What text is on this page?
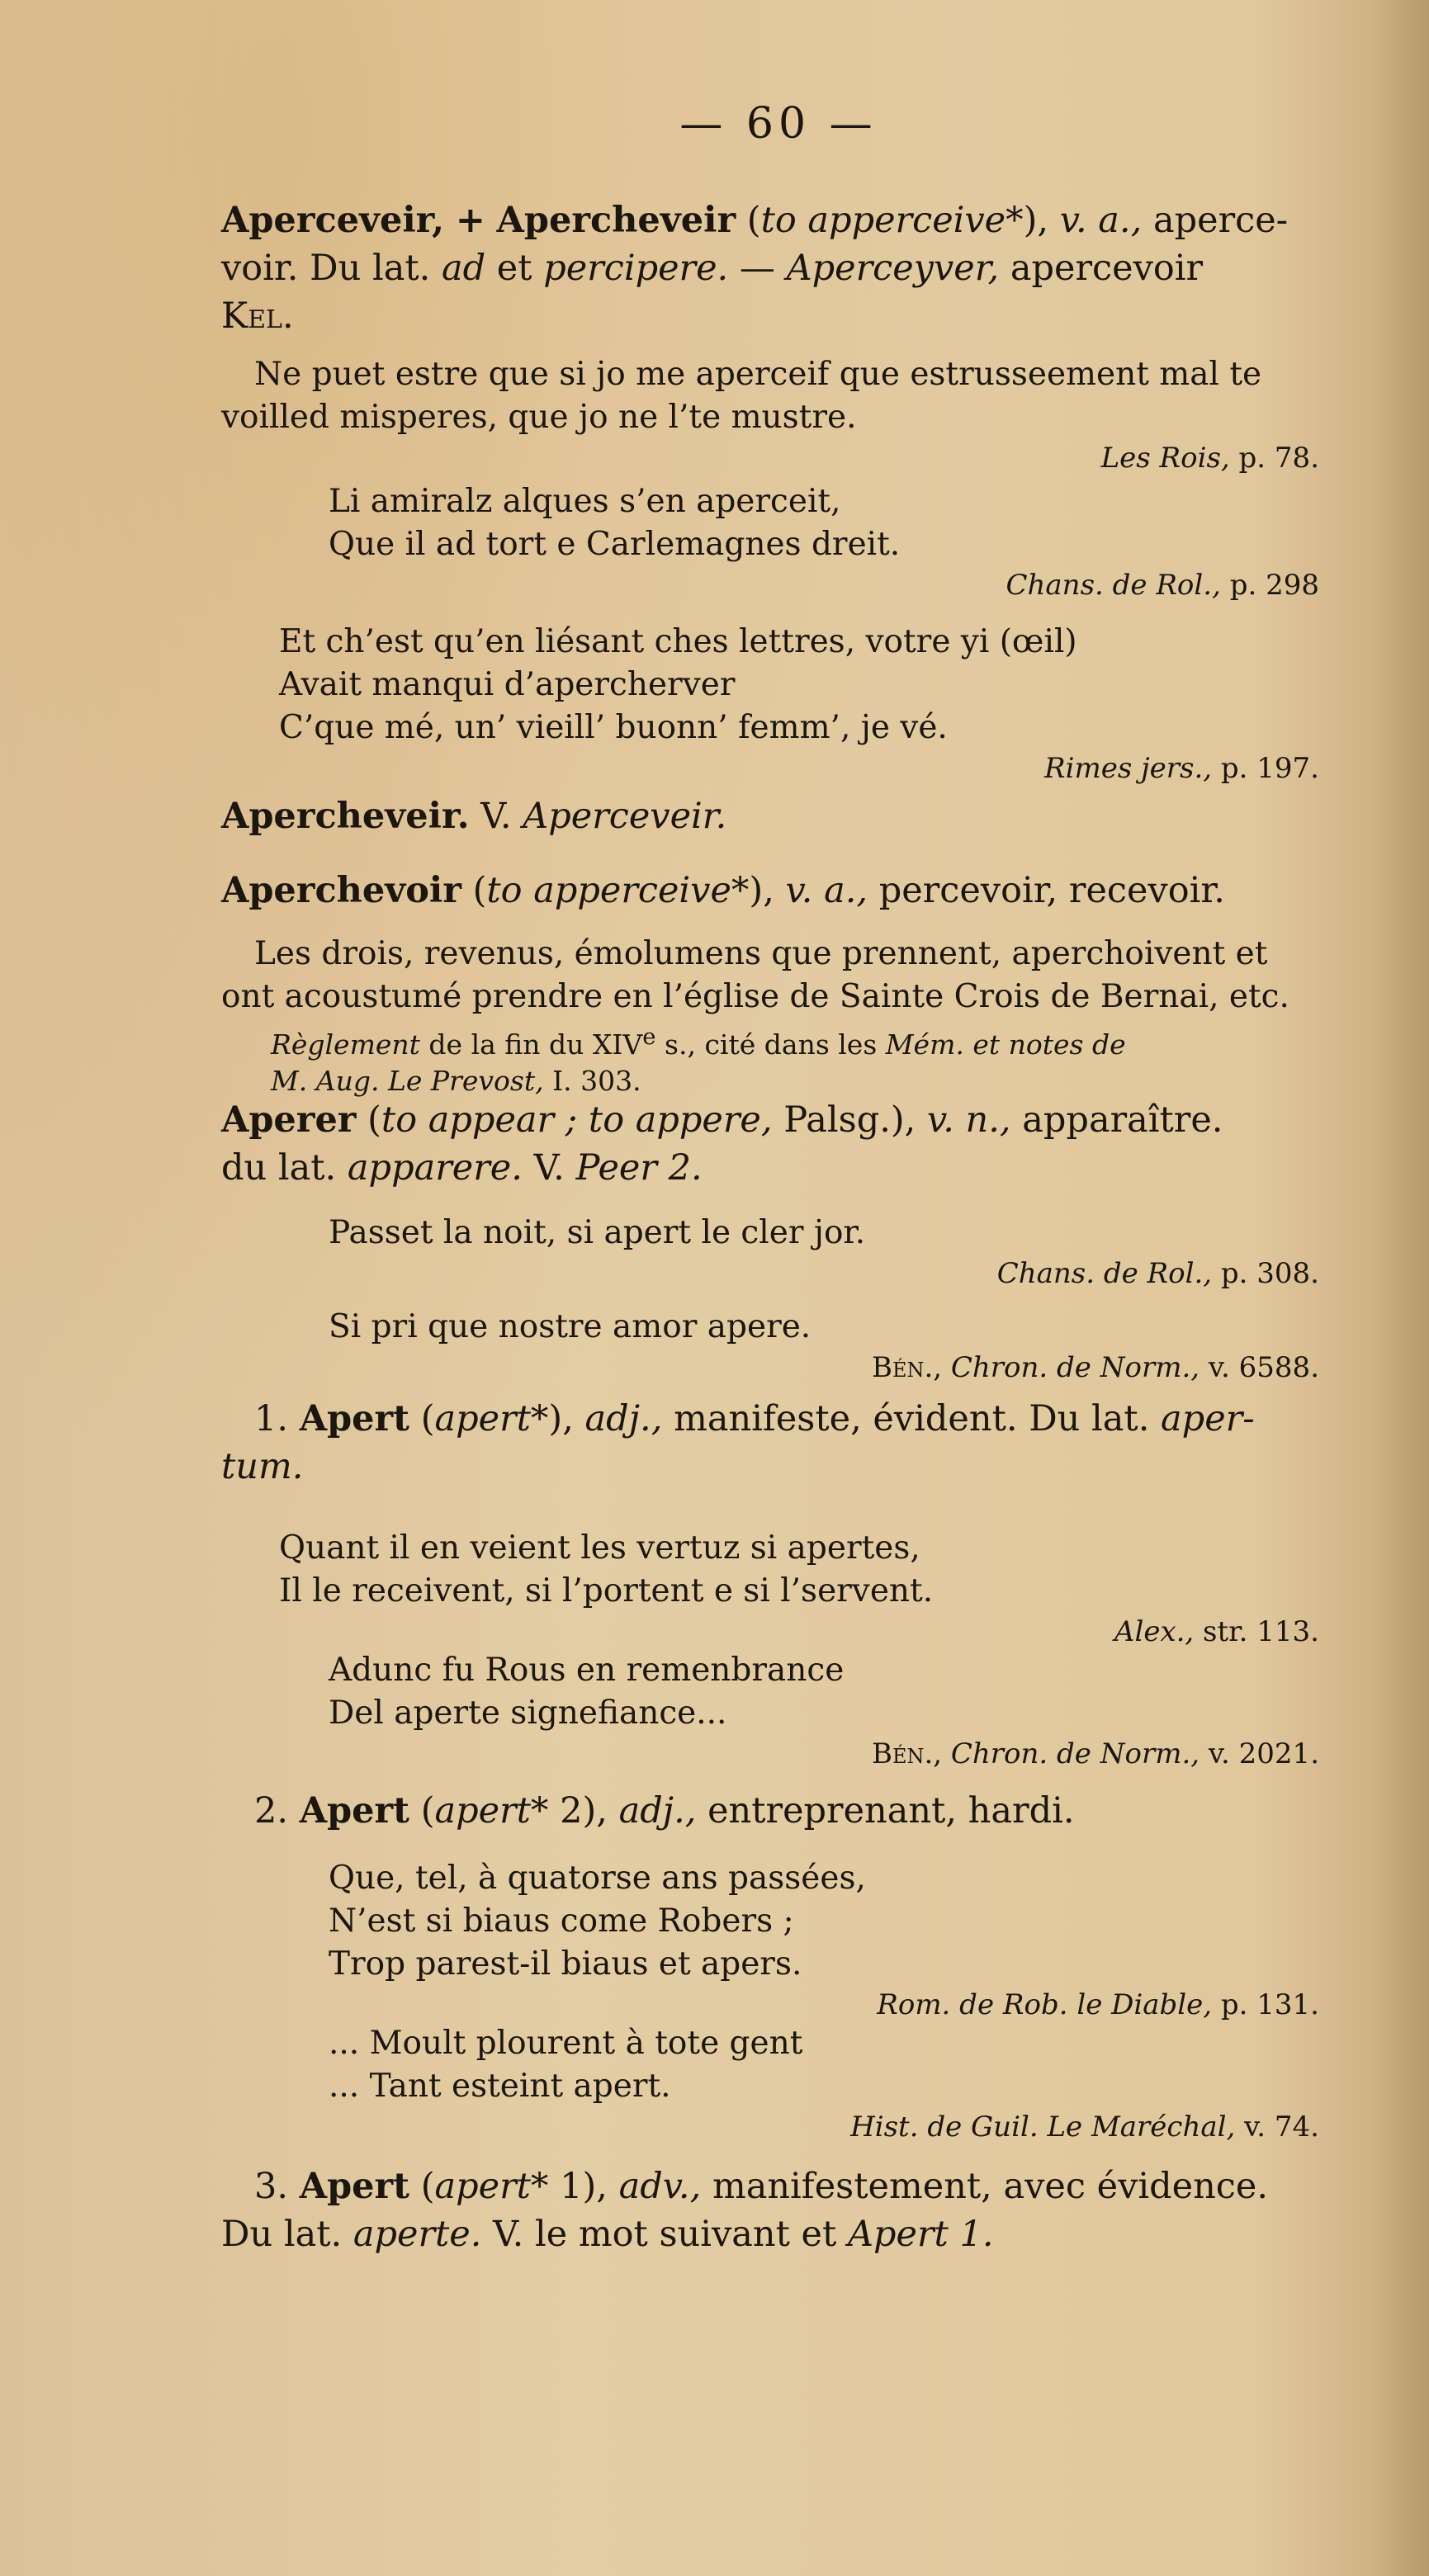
— 60 —
Aperceveir, + Apercheveir (to apperceive*), v. a., aperce-
voir. Du lat. ad et percipere. — Aperceyver, apercevoir
Kel.
Ne puet estre que si jo me aperceif que estrusseement mal te
voilled misperes, que jo ne l’te mustre.
Les Rois, p. 78.
Li amiralz alques s’en aperceit,
Que il ad tort e Carlemagnes dreit.
Chans. de Rol., p. 298
Et ch’est qu’en liésant ches lettres, votre yi (œil)
Avait manqui d’apercherver
C’que mé, un’ vieill’ buonn’ femm’, je vé.
Rimes jers., p. 197.
Apercheveir. V. Aperceveir.
Aperchevoir (to apperceive*), v. a., percevoir, recevoir.
Les drois, revenus, émolumens que prennent, aperchoivent et
ont acoustumé prendre en l’église de Sainte Crois de Bernai, etc.
Règlement de la fin du XIVe s., cité dans les Mém. et notes de
M. Aug. Le Prevost, I. 303.
Aperer (to appear ; to appere, Palsg.), v. n., apparaître.
du lat. apparere. V. Peer 2.
Passet la noit, si apert le cler jor.
Chans. de Rol., p. 308.
Si pri que nostre amor apere.
Bén., Chron. de Norm., v. 6588.
1. Apert (apert*), adj., manifeste, évident. Du lat. aper-
tum.
Quant il en veient les vertuz si apertes,
Il le receivent, si l’portent e si l’servent.
Alex., str. 113.
Adunc fu Rous en remenbrance
Del aperte signefiance...
Bén., Chron. de Norm., v. 2021.
2. Apert (apert* 2), adj., entreprenant, hardi.
Que, tel, à quatorse ans passées,
N’est si biaus come Robers ;
Trop parest-il biaus et apers.
Rom. de Rob. le Diable, p. 131.
... Moult plourent à tote gent
... Tant esteint apert.
Hist. de Guil. Le Maréchal, v. 74.
3. Apert (apert* 1), adv., manifestement, avec évidence.
Du lat. aperte. V. le mot suivant et Apert 1.
